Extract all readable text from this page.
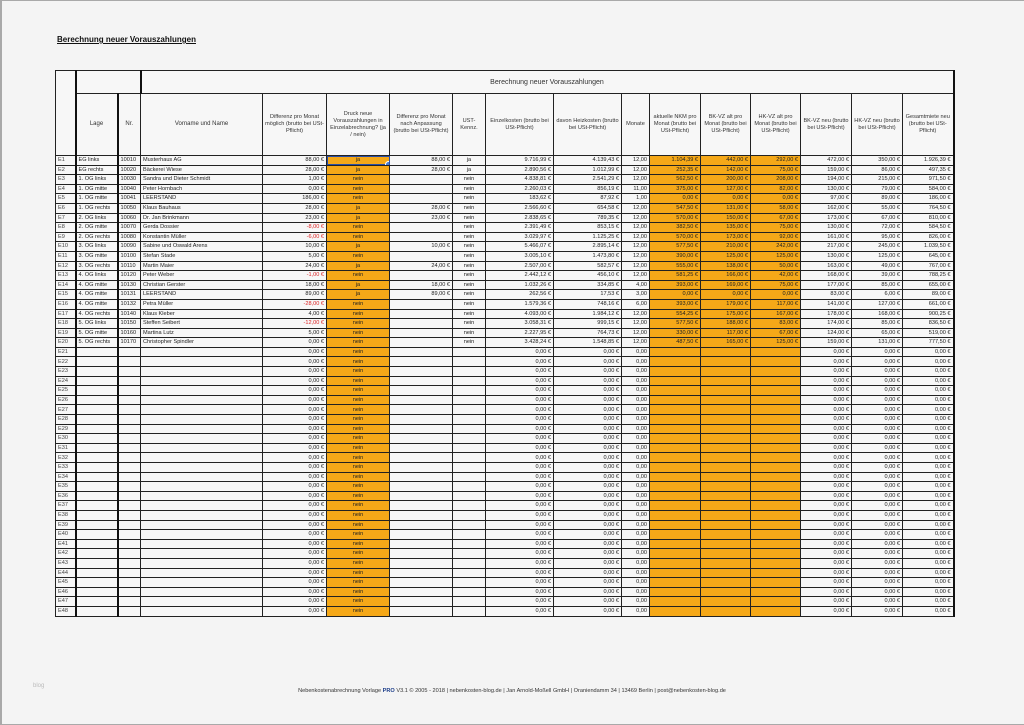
Berechnung neuer Vorauszahlungen
			Berechnung neuer Vorauszahlungen													
	Lage	Nr.	Vorname und Name	Differenz pro Monat möglich (brutto bei USt-Pflicht)	Druck neue Vorauszahlungen in Einzelabrechnung? (ja / nein)	Differenz pro Monat nach Anpassung (brutto bei USt-Pflicht)	UST-Kennz.	Einzelkosten (brutto bei USt-Pflicht)	davon Heizkosten (brutto bei USt-Pflicht)	Monate	aktuelle NKM pro Monat (brutto bei USt-Pflicht)	BK-VZ alt pro Monat (brutto bei USt-Pflicht)	HK-VZ alt pro Monat (brutto bei USt-Pflicht)	BK-VZ neu (brutto bei USt-Pflicht)	HK-VZ neu (brutto bei USt-Pflicht)	Gesamtmiete neu (brutto bei USt-Pflicht)
E1	EG links	10010	Musterhaus AG	88,00 €	ja	88,00 €	ja	9.716,99 €	4.139,43 €	12,00	1.104,39 €	442,00 €	292,00 €	472,00 €	350,00 €	1.926,39 €
E2	EG rechts	10020	Bäckerei Wiese	28,00 €	ja	28,00 €	ja	2.890,56 €	1.012,99 €	12,00	252,35 €	142,00 €	75,00 €	159,00 €	86,00 €	497,35 €
E3	1. OG links	10030	Sandra und Dieter Schmidt	1,00 €	nein		nein	4.838,81 €	2.541,29 €	12,00	562,50 €	200,00 €	208,00 €	194,00 €	215,00 €	971,50 €
E4	1. OG mitte	10040	Peter Hornbach	0,00 €	nein		nein	2.260,03 €	856,19 €	11,00	375,00 €	127,00 €	82,00 €	130,00 €	79,00 €	584,00 €
E5	1. OG mitte	10041	LEERSTAND	186,00 €	nein		nein	183,62 €	87,92 €	1,00	0,00 €	0,00 €	0,00 €	97,00 €	89,00 €	186,00 €
E6	1. OG rechts	10050	Klaus Bauhaus	28,00 €	ja	28,00 €	nein	2.566,60 €	654,58 €	12,00	547,50 €	131,00 €	58,00 €	162,00 €	55,00 €	764,50 €
E7	2. OG links	10060	Dr. Jan Brinkmann	23,00 €	ja	23,00 €	nein	2.838,65 €	789,35 €	12,00	570,00 €	150,00 €	67,00 €	173,00 €	67,00 €	810,00 €
E8	2. OG mitte	10070	Gerda Dossier	-8,00 €	nein		nein	2.391,49 €	853,15 €	12,00	382,50 €	135,00 €	75,00 €	130,00 €	72,00 €	584,50 €
E9	2. OG rechts	10080	Konstantin Müller	-6,00 €	nein		nein	3.029,97 €	1.125,25 €	12,00	570,00 €	173,00 €	92,00 €	161,00 €	95,00 €	826,00 €
E10	3. OG links	10090	Sabine und Oswald Arens	10,00 €	ja	10,00 €	nein	5.466,07 €	2.895,14 €	12,00	577,50 €	210,00 €	242,00 €	217,00 €	245,00 €	1.039,50 €
E11	3. OG mitte	10100	Stefan Stade	5,00 €	nein		nein	3.005,10 €	1.473,80 €	12,00	390,00 €	125,00 €	125,00 €	130,00 €	125,00 €	645,00 €
E12	3. OG rechts	10110	Martin Maier	24,00 €	ja	24,00 €	nein	2.507,00 €	582,57 €	12,00	555,00 €	138,00 €	50,00 €	163,00 €	49,00 €	767,00 €
E13	4. OG links	10120	Peter Weber	-1,00 €	nein		nein	2.442,12 €	456,10 €	12,00	581,25 €	166,00 €	42,00 €	168,00 €	39,00 €	788,25 €
E14	4. OG mitte	10130	Christian Gerster	18,00 €	ja	18,00 €	nein	1.032,26 €	334,85 €	4,00	393,00 €	169,00 €	75,00 €	177,00 €	85,00 €	655,00 €
E15	4. OG mitte	10131	LEERSTAND	89,00 €	ja	89,00 €	nein	262,56 €	17,53 €	3,00	0,00 €	0,00 €	0,00 €	83,00 €	6,00 €	89,00 €
E16	4. OG mitte	10132	Petra Müller	-28,00 €	nein		nein	1.579,36 €	748,16 €	6,00	393,00 €	179,00 €	117,00 €	141,00 €	127,00 €	661,00 €
E17	4. OG rechts	10140	Klaus Kleber	4,00 €	nein		nein	4.093,00 €	1.984,12 €	12,00	554,25 €	175,00 €	167,00 €	178,00 €	168,00 €	900,25 €
E18	5. OG links	10150	Steffen Seibert	-12,00 €	nein		nein	3.058,31 €	999,15 €	12,00	577,50 €	188,00 €	83,00 €	174,00 €	85,00 €	836,50 €
E19	5. OG mitte	10160	Martina Lutz	5,00 €	nein		nein	2.227,95 €	764,73 €	12,00	330,00 €	117,00 €	67,00 €	124,00 €	65,00 €	519,00 €
E20	5. OG rechts	10170	Christopher Spindler	0,00 €	nein		nein	3.428,24 €	1.548,85 €	12,00	487,50 €	165,00 €	125,00 €	159,00 €	131,00 €	777,50 €
E21				0,00 €	nein			0,00 €	0,00 €	0,00				0,00 €	0,00 €	0,00 €
E22				0,00 €	nein			0,00 €	0,00 €	0,00				0,00 €	0,00 €	0,00 €
E23				0,00 €	nein			0,00 €	0,00 €	0,00				0,00 €	0,00 €	0,00 €
E24				0,00 €	nein			0,00 €	0,00 €	0,00				0,00 €	0,00 €	0,00 €
E25				0,00 €	nein			0,00 €	0,00 €	0,00				0,00 €	0,00 €	0,00 €
E26				0,00 €	nein			0,00 €	0,00 €	0,00				0,00 €	0,00 €	0,00 €
E27				0,00 €	nein			0,00 €	0,00 €	0,00				0,00 €	0,00 €	0,00 €
E28				0,00 €	nein			0,00 €	0,00 €	0,00				0,00 €	0,00 €	0,00 €
E29				0,00 €	nein			0,00 €	0,00 €	0,00				0,00 €	0,00 €	0,00 €
E30				0,00 €	nein			0,00 €	0,00 €	0,00				0,00 €	0,00 €	0,00 €
E31				0,00 €	nein			0,00 €	0,00 €	0,00				0,00 €	0,00 €	0,00 €
E32				0,00 €	nein			0,00 €	0,00 €	0,00				0,00 €	0,00 €	0,00 €
E33				0,00 €	nein			0,00 €	0,00 €	0,00				0,00 €	0,00 €	0,00 €
E34				0,00 €	nein			0,00 €	0,00 €	0,00				0,00 €	0,00 €	0,00 €
E35				0,00 €	nein			0,00 €	0,00 €	0,00				0,00 €	0,00 €	0,00 €
E36				0,00 €	nein			0,00 €	0,00 €	0,00				0,00 €	0,00 €	0,00 €
E37				0,00 €	nein			0,00 €	0,00 €	0,00				0,00 €	0,00 €	0,00 €
E38				0,00 €	nein			0,00 €	0,00 €	0,00				0,00 €	0,00 €	0,00 €
E39				0,00 €	nein			0,00 €	0,00 €	0,00				0,00 €	0,00 €	0,00 €
E40				0,00 €	nein			0,00 €	0,00 €	0,00				0,00 €	0,00 €	0,00 €
E41				0,00 €	nein			0,00 €	0,00 €	0,00				0,00 €	0,00 €	0,00 €
E42				0,00 €	nein			0,00 €	0,00 €	0,00				0,00 €	0,00 €	0,00 €
E43				0,00 €	nein			0,00 €	0,00 €	0,00				0,00 €	0,00 €	0,00 €
E44				0,00 €	nein			0,00 €	0,00 €	0,00				0,00 €	0,00 €	0,00 €
E45				0,00 €	nein			0,00 €	0,00 €	0,00				0,00 €	0,00 €	0,00 €
E46				0,00 €	nein			0,00 €	0,00 €	0,00				0,00 €	0,00 €	0,00 €
E47				0,00 €	nein			0,00 €	0,00 €	0,00				0,00 €	0,00 €	0,00 €
E48				0,00 €	nein			0,00 €	0,00 €	0,00				0,00 €	0,00 €	0,00 €
blog
Nebenkostenabrechnung Vorlage PRO V3.1 © 2005 - 2018 | nebenkosten-blog.de | Jan Arnold-Moßell GmbH | Oraniendamm 34 | 13469 Berlin | post@nebenkosten-blog.de
